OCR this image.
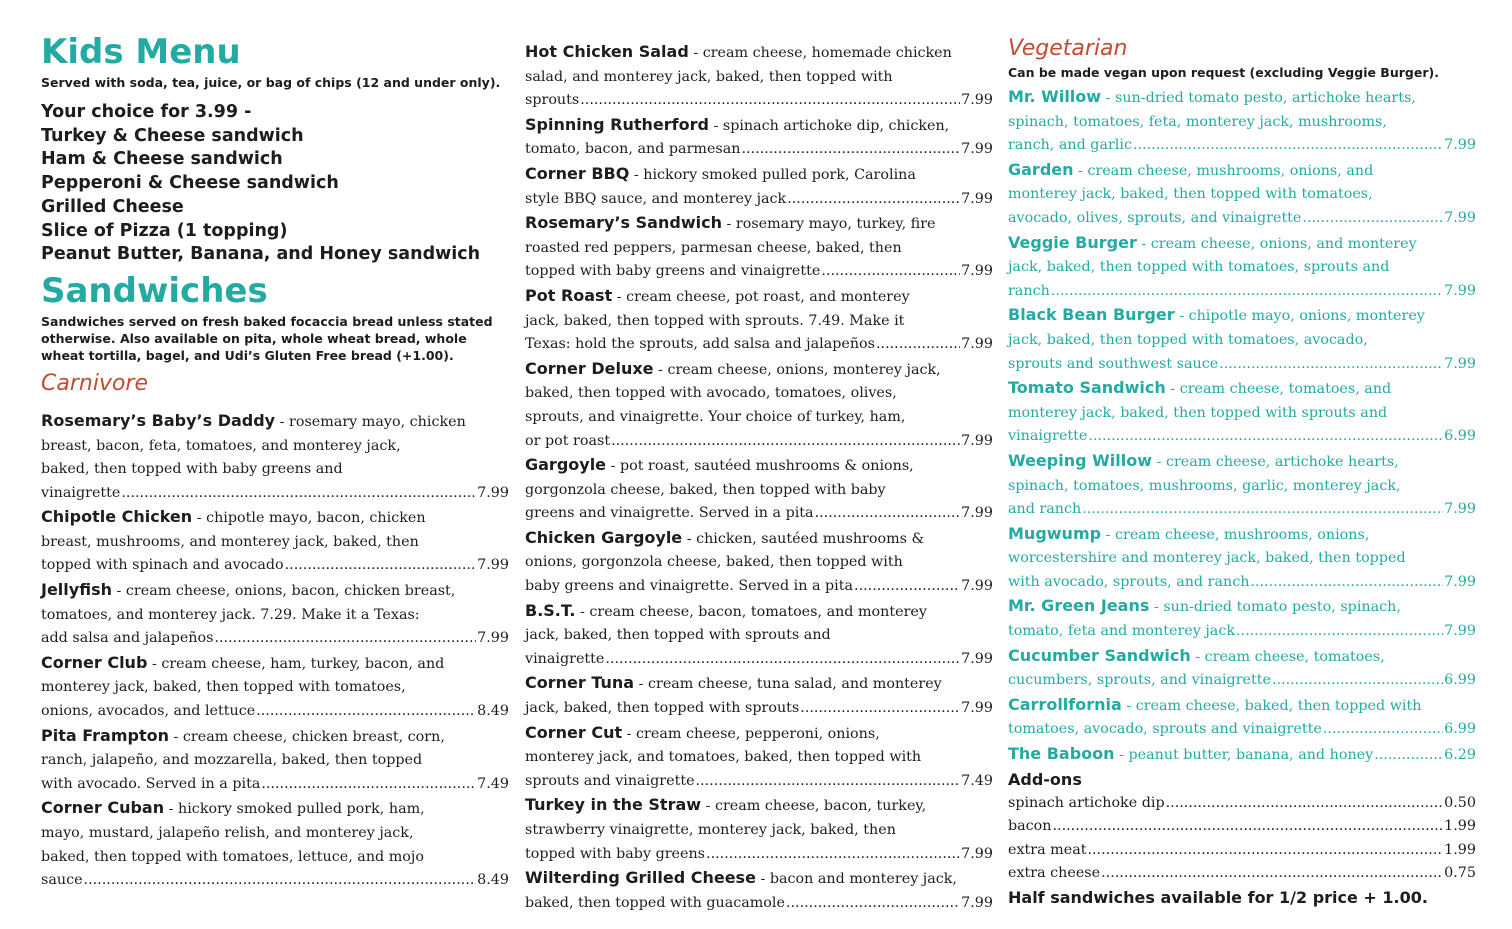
Kids Menu
Served with soda, tea, juice, or bag of chips (12 and under only).
Your choice for 3.99 -
Turkey & Cheese sandwich
Ham & Cheese sandwich
Pepperoni & Cheese sandwich
Grilled Cheese
Slice of Pizza (1 topping)
Peanut Butter, Banana, and Honey sandwich
Sandwiches
Sandwiches served on fresh baked focaccia bread unless stated otherwise. Also available on pita, whole wheat bread, whole wheat tortilla, bagel, and Udi’s Gluten Free bread (+1.00).
Carnivore
Rosemary’s Baby’s Daddy - rosemary mayo, chicken
breast, bacon, feta, tomatoes, and monterey jack,
baked, then topped with baby greens and
vinaigrette .....	7.99
Chipotle Chicken - chipotle mayo, bacon, chicken
breast, mushrooms, and monterey jack, baked, then
topped with spinach and avocado .....	7.99
Jellyfish - cream cheese, onions, bacon, chicken breast,
tomatoes, and monterey jack. 7.29. Make it a Texas:
add salsa and jalapeños .....	7.99
Corner Club - cream cheese, ham, turkey, bacon, and
monterey jack, baked, then topped with tomatoes,
onions, avocados, and lettuce .....	8.49
Pita Frampton - cream cheese, chicken breast, corn,
ranch, jalapeño, and mozzarella, baked, then topped
with avocado. Served in a pita .....	7.49
Corner Cuban - hickory smoked pulled pork, ham,
mayo, mustard, jalapeño relish, and monterey jack,
baked, then topped with tomatoes, lettuce, and mojo
sauce .....	8.49
Hot Chicken Salad - cream cheese, homemade chicken
salad, and monterey jack, baked, then topped with
sprouts .....	7.99
Spinning Rutherford - spinach artichoke dip, chicken,
tomato, bacon, and parmesan .....	7.99
Corner BBQ - hickory smoked pulled pork, Carolina
style BBQ sauce, and monterey jack .....	7.99
Rosemary’s Sandwich - rosemary mayo, turkey, fire
roasted red peppers, parmesan cheese, baked, then
topped with baby greens and vinaigrette .....	7.99
Pot Roast - cream cheese, pot roast, and monterey
jack, baked, then topped with sprouts. 7.49. Make it
Texas: hold the sprouts, add salsa and jalapeños .....	7.99
Corner Deluxe - cream cheese, onions, monterey jack,
baked, then topped with avocado, tomatoes, olives,
sprouts, and vinaigrette. Your choice of turkey, ham,
or pot roast .....	7.99
Gargoyle - pot roast, sautéed mushrooms & onions,
gorgonzola cheese, baked, then topped with baby
greens and vinaigrette. Served in a pita .....	7.99
Chicken Gargoyle - chicken, sautéed mushrooms &
onions, gorgonzola cheese, baked, then topped with
baby greens and vinaigrette. Served in a pita .....	7.99
B.S.T. - cream cheese, bacon, tomatoes, and monterey
jack, baked, then topped with sprouts and
vinaigrette .....	7.99
Corner Tuna - cream cheese, tuna salad, and monterey
jack, baked, then topped with sprouts .....	7.99
Corner Cut - cream cheese, pepperoni, onions,
monterey jack, and tomatoes, baked, then topped with
sprouts and vinaigrette .....	7.49
Turkey in the Straw - cream cheese, bacon, turkey,
strawberry vinaigrette, monterey jack, baked, then
topped with baby greens .....	7.99
Wilterding Grilled Cheese - bacon and monterey jack,
baked, then topped with guacamole .....	7.99
Vegetarian
Can be made vegan upon request (excluding Veggie Burger).
Mr. Willow - sun-dried tomato pesto, artichoke hearts,
spinach, tomatoes, feta, monterey jack, mushrooms,
ranch, and garlic .....	7.99
Garden - cream cheese, mushrooms, onions, and
monterey jack, baked, then topped with tomatoes,
avocado, olives, sprouts, and vinaigrette .....	7.99
Veggie Burger - cream cheese, onions, and monterey
jack, baked, then topped with tomatoes, sprouts and
ranch .....	7.99
Black Bean Burger - chipotle mayo, onions, monterey
jack, baked, then topped with tomatoes, avocado,
sprouts and southwest sauce .....	7.99
Tomato Sandwich - cream cheese, tomatoes, and
monterey jack, baked, then topped with sprouts and
vinaigrette .....	6.99
Weeping Willow - cream cheese, artichoke hearts,
spinach, tomatoes, mushrooms, garlic, monterey jack,
and ranch .....	7.99
Mugwump - cream cheese, mushrooms, onions,
worcestershire and monterey jack, baked, then topped
with avocado, sprouts, and ranch .....	7.99
Mr. Green Jeans - sun-dried tomato pesto, spinach,
tomato, feta and monterey jack .....	7.99
Cucumber Sandwich - cream cheese, tomatoes,
cucumbers, sprouts, and vinaigrette .....	6.99
Carrollfornia - cream cheese, baked, then topped with
tomatoes, avocado, sprouts and vinaigrette .....	6.99
The Baboon - peanut butter, banana, and honey .....	6.29
Add-ons
spinach artichoke dip .....	0.50
bacon .....	1.99
extra meat .....	1.99
extra cheese .....	0.75
Half sandwiches available for 1/2 price + 1.00.
